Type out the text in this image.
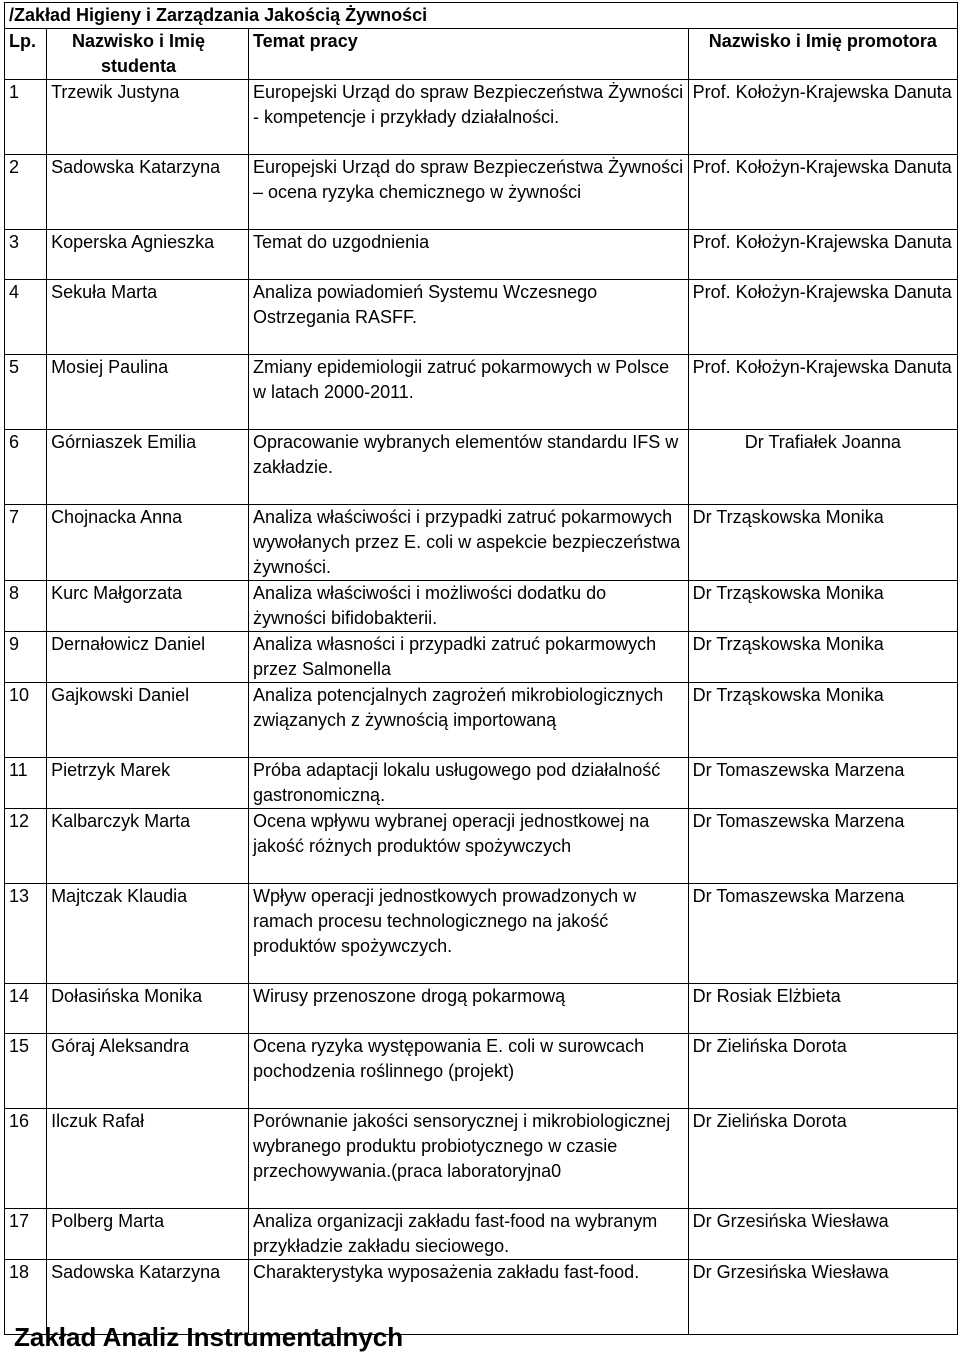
/Zakład Higieny i Zarządzania Jakością Żywności			
Lp.	Nazwisko i Imię studenta	Temat pracy	Nazwisko i Imię promotora
1	Trzewik Justyna	Europejski Urząd do spraw Bezpieczeństwa Żywności - kompetencje i przykłady działalności.	Prof. Kołożyn-Krajewska Danuta
2	Sadowska Katarzyna	Europejski Urząd do spraw Bezpieczeństwa Żywności – ocena ryzyka chemicznego w żywności	Prof. Kołożyn-Krajewska Danuta
3	Koperska Agnieszka	Temat do uzgodnienia	Prof. Kołożyn-Krajewska Danuta
4	Sekuła Marta	Analiza powiadomień Systemu Wczesnego Ostrzegania RASFF.	Prof. Kołożyn-Krajewska Danuta
5	Mosiej Paulina	Zmiany epidemiologii zatruć pokarmowych w Polsce w latach 2000-2011.	Prof. Kołożyn-Krajewska Danuta
6	Górniaszek Emilia	Opracowanie wybranych elementów standardu IFS w zakładzie.	Dr Trafiałek Joanna
7	Chojnacka Anna	Analiza właściwości i przypadki zatruć pokarmowych wywołanych przez E. coli w aspekcie bezpieczeństwa żywności.	Dr Trząskowska Monika
8	Kurc Małgorzata	Analiza właściwości i możliwości dodatku do żywności bifidobakterii.	Dr Trząskowska Monika
9	Dernałowicz Daniel	Analiza własności i przypadki zatruć pokarmowych przez Salmonella	Dr Trząskowska Monika
10	Gajkowski Daniel	Analiza potencjalnych zagrożeń mikrobiologicznych związanych z żywnością importowaną	Dr Trząskowska Monika
11	Pietrzyk Marek	Próba adaptacji lokalu usługowego pod działalność gastronomiczną.	Dr Tomaszewska Marzena
12	Kalbarczyk Marta	Ocena wpływu wybranej operacji jednostkowej na jakość różnych produktów spożywczych	Dr Tomaszewska Marzena
13	Majtczak Klaudia	Wpływ operacji jednostkowych prowadzonych w ramach procesu technologicznego na jakość produktów spożywczych.	Dr Tomaszewska Marzena
14	Dołasińska Monika	Wirusy przenoszone drogą pokarmową	Dr Rosiak Elżbieta
15	Góraj Aleksandra	Ocena ryzyka występowania E. coli w surowcach pochodzenia roślinnego (projekt)	Dr Zielińska Dorota
16	Ilczuk Rafał	Porównanie jakości sensorycznej i mikrobiologicznej wybranego produktu probiotycznego w czasie przechowywania.(praca laboratoryjna0	Dr Zielińska Dorota
17	Polberg Marta	Analiza organizacji zakładu fast-food na wybranym przykładzie zakładu sieciowego.	Dr Grzesińska Wiesława
18	Sadowska Katarzyna	Charakterystyka wyposażenia zakładu fast-food.	Dr Grzesińska Wiesława
Zakład Analiz Instrumentalnych
